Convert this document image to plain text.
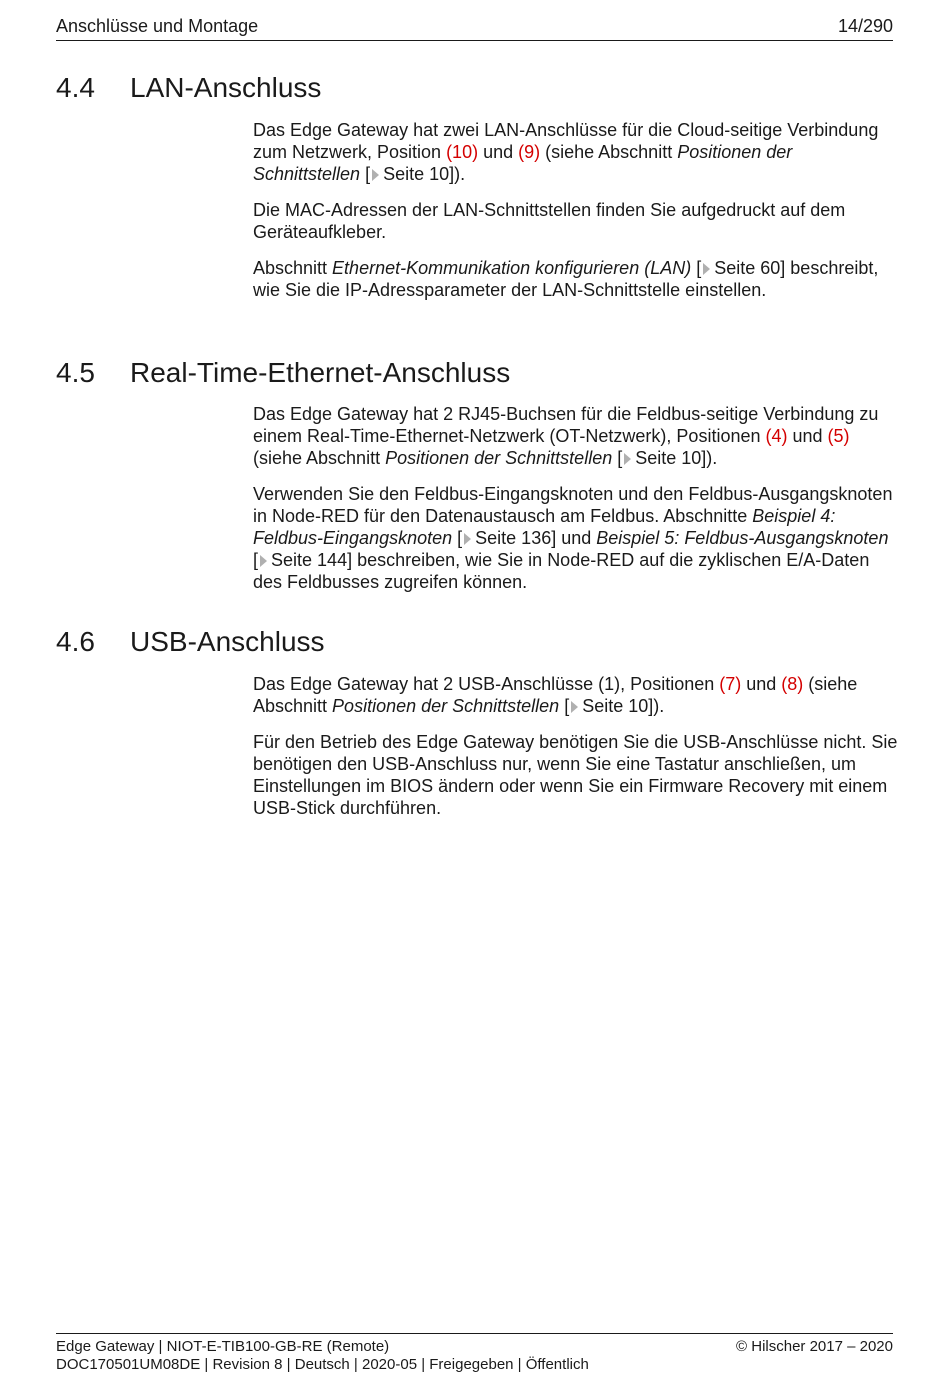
Anschlüsse und Montage	14/290
4.4 LAN-Anschluss

Das Edge Gateway hat zwei LAN-Anschlüsse für die Cloud-seitige Verbindung zum Netzwerk, Position (10) und (9) (siehe Abschnitt Positionen der Schnittstellen [ Seite 10]).

Die MAC-Adressen der LAN-Schnittstellen finden Sie aufgedruckt auf dem Geräteaufkleber.

Abschnitt Ethernet-Kommunikation konfigurieren (LAN) [ Seite 60] beschreibt, wie Sie die IP-Adressparameter der LAN-Schnittstelle einstellen.

4.5 Real-Time-Ethernet-Anschluss

Das Edge Gateway hat 2 RJ45-Buchsen für die Feldbus-seitige Verbindung zu einem Real-Time-Ethernet-Netzwerk (OT-Netzwerk), Positionen (4) und (5) (siehe Abschnitt Positionen der Schnittstellen [ Seite 10]).

Verwenden Sie den Feldbus-Eingangsknoten und den Feldbus-Ausgangsknoten in Node-RED für den Datenaustausch am Feldbus. Abschnitte Beispiel 4: Feldbus-Eingangsknoten [ Seite 136] und Beispiel 5: Feldbus-Ausgangsknoten [ Seite 144] beschreiben, wie Sie in Node-RED auf die zyklischen E/A-Daten des Feldbusses zugreifen können.

4.6 USB-Anschluss

Das Edge Gateway hat 2 USB-Anschlüsse (1), Positionen (7) und (8) (siehe Abschnitt Positionen der Schnittstellen [ Seite 10]).

Für den Betrieb des Edge Gateway benötigen Sie die USB-Anschlüsse nicht. Sie benötigen den USB-Anschluss nur, wenn Sie eine Tastatur anschließen, um Einstellungen im BIOS ändern oder wenn Sie ein Firmware Recovery mit einem USB-Stick durchführen.

Edge Gateway | NIOT-E-TIB100-GB-RE (Remote)	© Hilscher 2017 – 2020
DOC170501UM08DE | Revision 8 | Deutsch | 2020-05 | Freigegeben | Öffentlich
